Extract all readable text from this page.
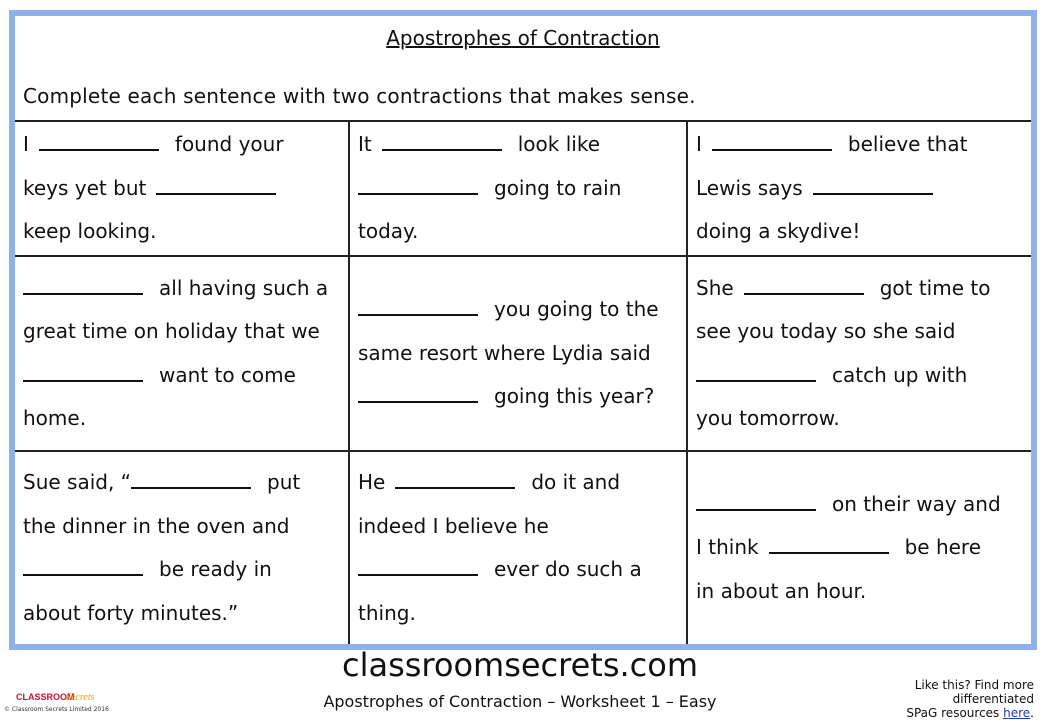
Apostrophes of Contraction
Complete each sentence with two contractions that makes sense.
I	found your
keys yet but
keep looking.
It	look like
going to rain
today.
I	believe that
Lewis says
doing a skydive!
all having such a
great time on holiday that we
want to come
home.
you going to the
same resort where Lydia said
going this year?
She	got time to
see you today so she said
catch up with
you tomorrow.
Sue said, “	put
the dinner in the oven and
be ready in
about forty minutes.”
He	do it and
indeed I believe he
ever do such a
thing.
on their way and
I think	be here
in about an hour.
classroomsecrets.com
Apostrophes of Contraction – Worksheet 1 – Easy
CLASSROOM
Secrets
© Classroom Secrets Limited 2016
Like this? Find more differentiated
SPaG resources here.
